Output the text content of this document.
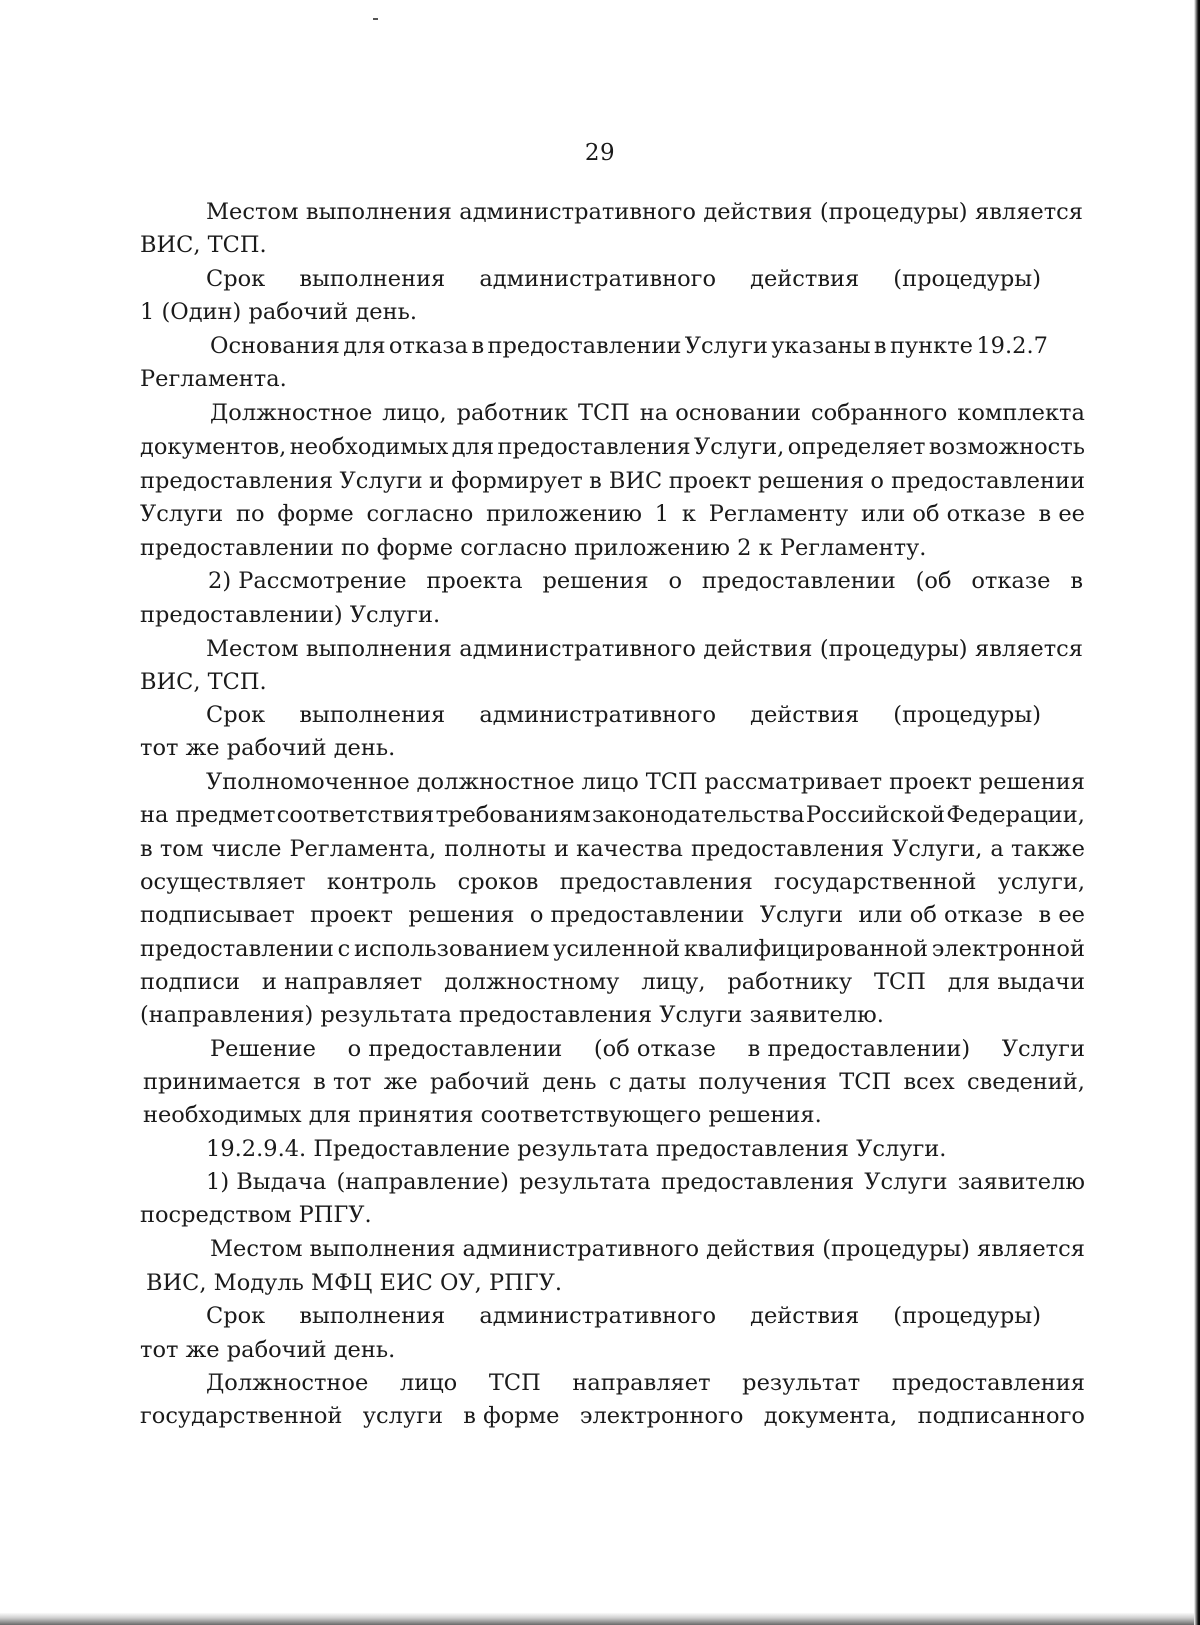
29
Местом выполнения административного действия (процедуры) является
ВИС, ТСП.
Срок выполнения административного действия (процедуры)
1 (Один) рабочий день.
Основания для отказа в предоставлении Услуги указаны в пункте 19.2.7
Регламента.
Должностное лицо, работник ТСП на основании собранного комплекта
документов, необходимых для предоставления Услуги, определяет возможность
предоставления Услуги и формирует в ВИС проект решения о предоставлении
Услуги по форме согласно приложению 1 к Регламенту или об отказе в ее
предоставлении по форме согласно приложению 2 к Регламенту.
2) Рассмотрение проекта решения о предоставлении (об отказе в
предоставлении) Услуги.
Местом выполнения административного действия (процедуры) является
ВИС, ТСП.
Срок выполнения административного действия (процедуры)
тот же рабочий день.
Уполномоченное должностное лицо ТСП рассматривает проект решения
на предмет соответствия требованиям законодательства Российской Федерации,
в том числе Регламента, полноты и качества предоставления Услуги, а также
осуществляет контроль сроков предоставления государственной услуги,
подписывает проект решения о предоставлении Услуги или об отказе в ее
предоставлении с использованием усиленной квалифицированной электронной
подписи и направляет должностному лицу, работнику ТСП для выдачи
(направления) результата предоставления Услуги заявителю.
Решение о предоставлении (об отказе в предоставлении) Услуги
принимается в тот же рабочий день с даты получения ТСП всех сведений,
необходимых для принятия соответствующего решения.
19.2.9.4. Предоставление результата предоставления Услуги.
1) Выдача (направление) результата предоставления Услуги заявителю
посредством РПГУ.
Местом выполнения административного действия (процедуры) является
ВИС, Модуль МФЦ ЕИС ОУ, РПГУ.
Срок выполнения административного действия (процедуры)
тот же рабочий день.
Должностное лицо ТСП направляет результат предоставления
государственной услуги в форме электронного документа, подписанного
